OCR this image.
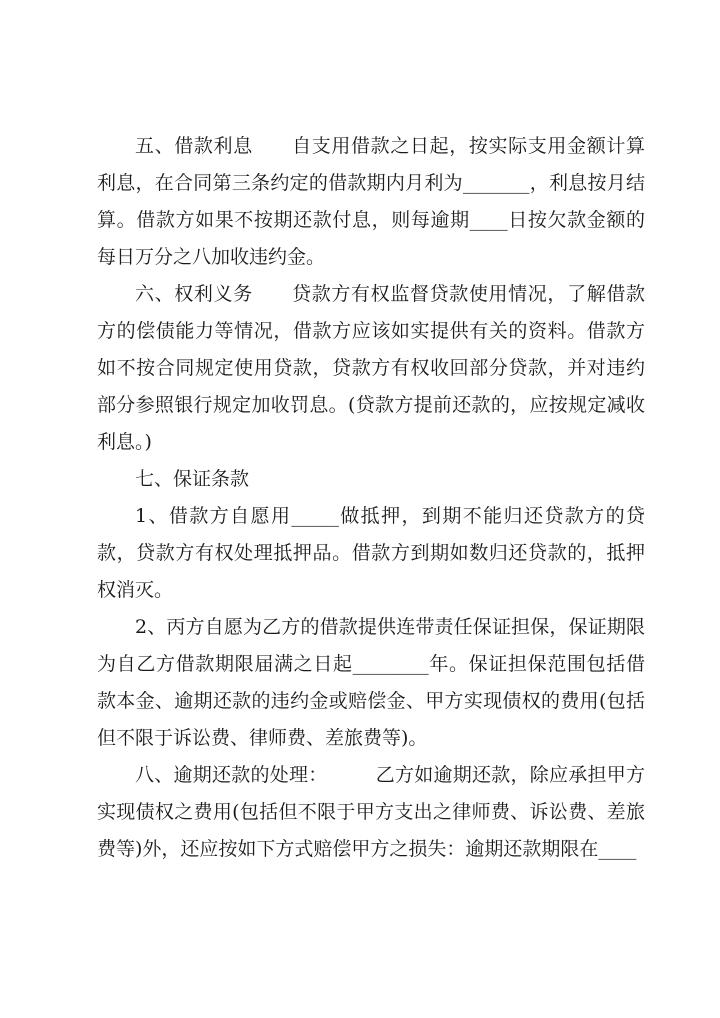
五、借款利息　　自支用借款之日起，按实际支用金额计算利息，在合同第三条约定的借款期内月利为_______，利息按月结算。借款方如果不按期还款付息，则每逾期____日按欠款金额的每日万分之八加收违约金。

六、权利义务　　贷款方有权监督贷款使用情况，了解借款方的偿债能力等情况，借款方应该如实提供有关的资料。借款方如不按合同规定使用贷款，贷款方有权收回部分贷款，并对违约部分参照银行规定加收罚息。(贷款方提前还款的，应按规定减收利息。)

七、保证条款

1、借款方自愿用_____做抵押，到期不能归还贷款方的贷款，贷款方有权处理抵押品。借款方到期如数归还贷款的，抵押权消灭。

2、丙方自愿为乙方的借款提供连带责任保证担保，保证期限为自乙方借款期限届满之日起________年。保证担保范围包括借款本金、逾期还款的违约金或赔偿金、甲方实现债权的费用(包括但不限于诉讼费、律师费、差旅费等)。

八、逾期还款的处理：　　　乙方如逾期还款，除应承担甲方实现债权之费用(包括但不限于甲方支出之律师费、诉讼费、差旅费等)外，还应按如下方式赔偿甲方之损失：逾期还款期限在____
